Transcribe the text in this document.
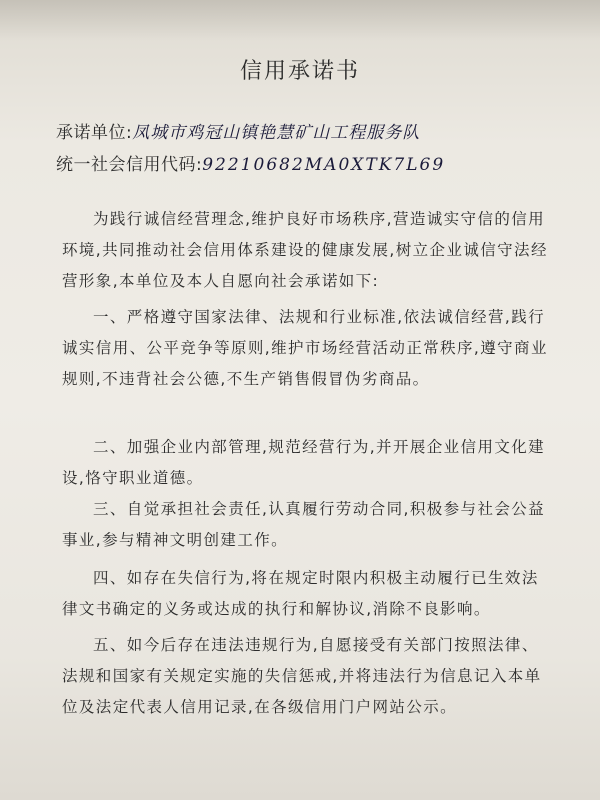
信用承诺书
承诺单位:凤城市鸡冠山镇艳慧矿山工程服务队
统一社会信用代码:92210682MA0XTK7L69

为践行诚信经营理念,维护良好市场秩序,营造诚实守信的信用环境,共同推动社会信用体系建设的健康发展,树立企业诚信守法经营形象,本单位及本人自愿向社会承诺如下:

一、严格遵守国家法律、法规和行业标准,依法诚信经营,践行诚实信用、公平竞争等原则,维护市场经营活动正常秩序,遵守商业规则,不违背社会公德,不生产销售假冒伪劣商品。

二、加强企业内部管理,规范经营行为,并开展企业信用文化建设,恪守职业道德。

三、自觉承担社会责任,认真履行劳动合同,积极参与社会公益事业,参与精神文明创建工作。

四、如存在失信行为,将在规定时限内积极主动履行已生效法律文书确定的义务或达成的执行和解协议,消除不良影响。

五、如今后存在违法违规行为,自愿接受有关部门按照法律、法规和国家有关规定实施的失信惩戒,并将违法行为信息记入本单位及法定代表人信用记录,在各级信用门户网站公示。
